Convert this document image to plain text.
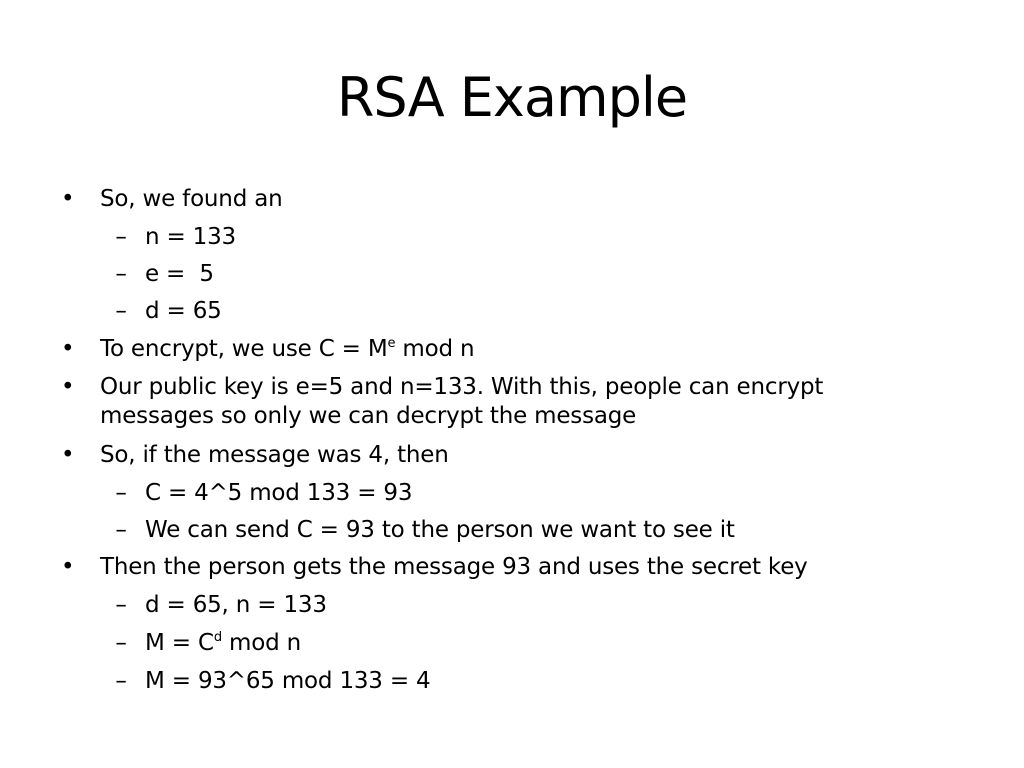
RSA Example
• So, we found an
– n = 133
– e =  5
– d = 65
• To encrypt, we use $C = M^e$ mod n
• Our public key is e=5 and n=133. With this, people can encrypt
messages so only we can decrypt the message
• So, if the message was 4, then
– C = 4^5 mod 133 = 93
– We can send C = 93 to the person we want to see it
• Then the person gets the message 93 and uses the secret key
– d = 65, n = 133
– $M = C^d$ mod n
– M = 93^65 mod 133 = 4
